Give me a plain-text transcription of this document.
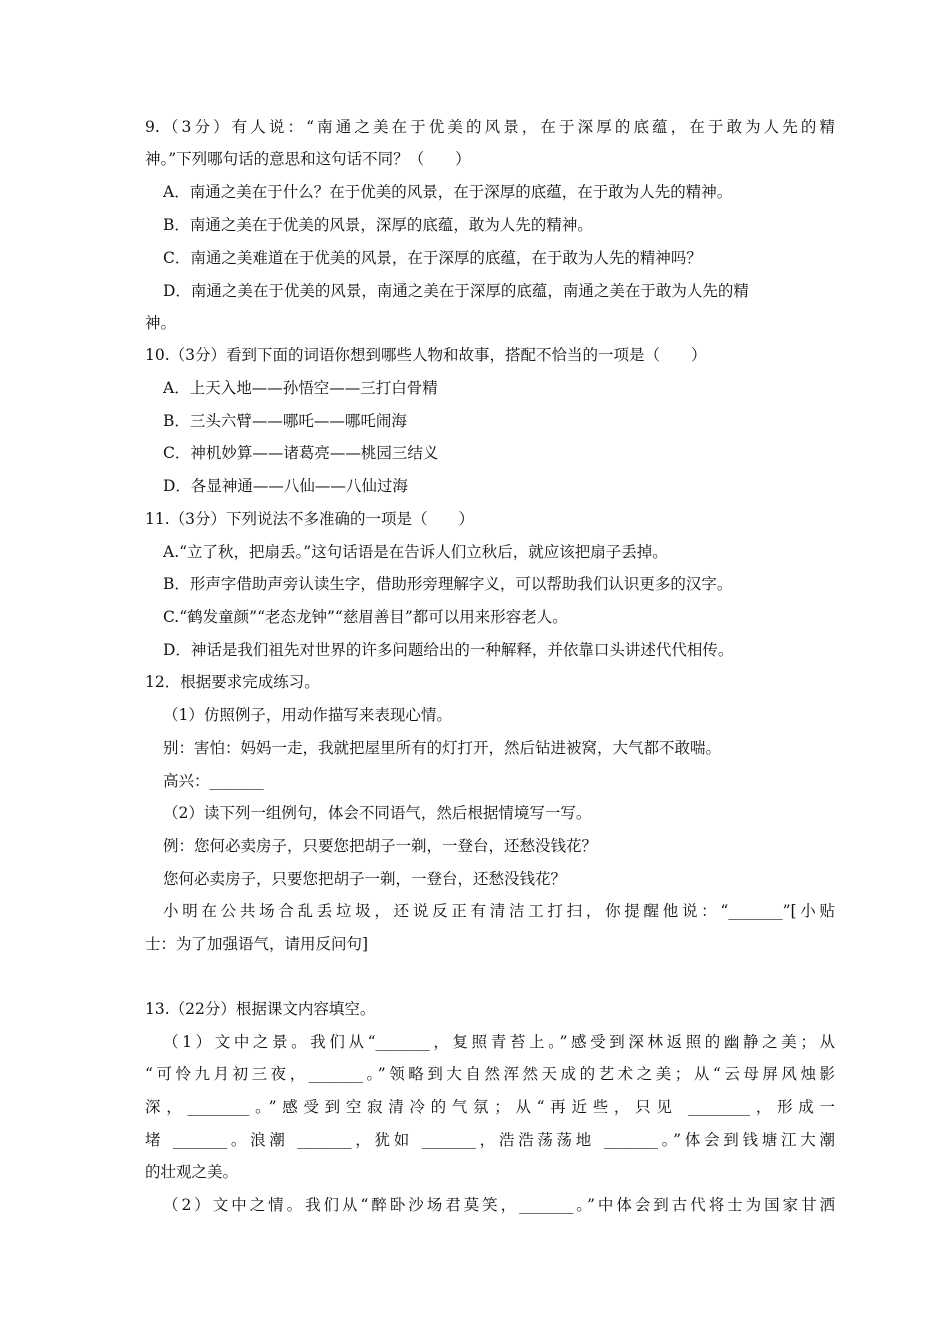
9.（3分）有人说：“南通之美在于优美的风景，在于深厚的底蕴，在于敢为人先的精
神。”下列哪句话的意思和这句话不同？（　　）
A．南通之美在于什么？在于优美的风景，在于深厚的底蕴，在于敢为人先的精神。
B．南通之美在于优美的风景，深厚的底蕴，敢为人先的精神。
C．南通之美难道在于优美的风景，在于深厚的底蕴，在于敢为人先的精神吗？
D．南通之美在于优美的风景，南通之美在于深厚的底蕴，南通之美在于敢为人先的精
神。
10.（3分）看到下面的词语你想到哪些人物和故事，搭配不恰当的一项是（　　）
A．上天入地——孙悟空——三打白骨精
B．三头六臂——哪吒——哪吒闹海
C．神机妙算——诸葛亮——桃园三结义
D．各显神通——八仙——八仙过海
11.（3分）下列说法不多准确的一项是（　　）
A.“立了秋，把扇丢。”这句话语是在告诉人们立秋后，就应该把扇子丢掉。
B．形声字借助声旁认读生字，借助形旁理解字义，可以帮助我们认识更多的汉字。
C.“鹤发童颜”“老态龙钟”“慈眉善目”都可以用来形容老人。
D．神话是我们祖先对世界的许多问题给出的一种解释，并依靠口头讲述代代相传。
12．根据要求完成练习。
（1）仿照例子，用动作描写来表现心情。
别：害怕：妈妈一走，我就把屋里所有的灯打开，然后钻进被窝，大气都不敢喘。
高兴：_______
（2）读下列一组例句，体会不同语气，然后根据情境写一写。
例：您何必卖房子，只要您把胡子一剃，一登台，还愁没钱花？
您何必卖房子，只要您把胡子一剃，一登台，还愁没钱花？
小明在公共场合乱丢垃圾，还说反正有清洁工打扫，你提醒他说：“_______”[小贴
士：为了加强语气，请用反问句]
13.（22分）根据课文内容填空。
（1）文中之景。我们从“_______，复照青苔上。”感受到深林返照的幽静之美；从
“可怜九月初三夜，_______。”领略到大自然浑然天成的艺术之美；从“云母屏风烛影
深，________。”感受到空寂清冷的气氛；从“再近些，只见 ________，形成一
堵 _______。浪潮 _______，犹如 _______，浩浩荡荡地 _______。”体会到钱塘江大潮
的壮观之美。
（2）文中之情。我们从“醉卧沙场君莫笑，_______。”中体会到古代将士为国家甘洒
